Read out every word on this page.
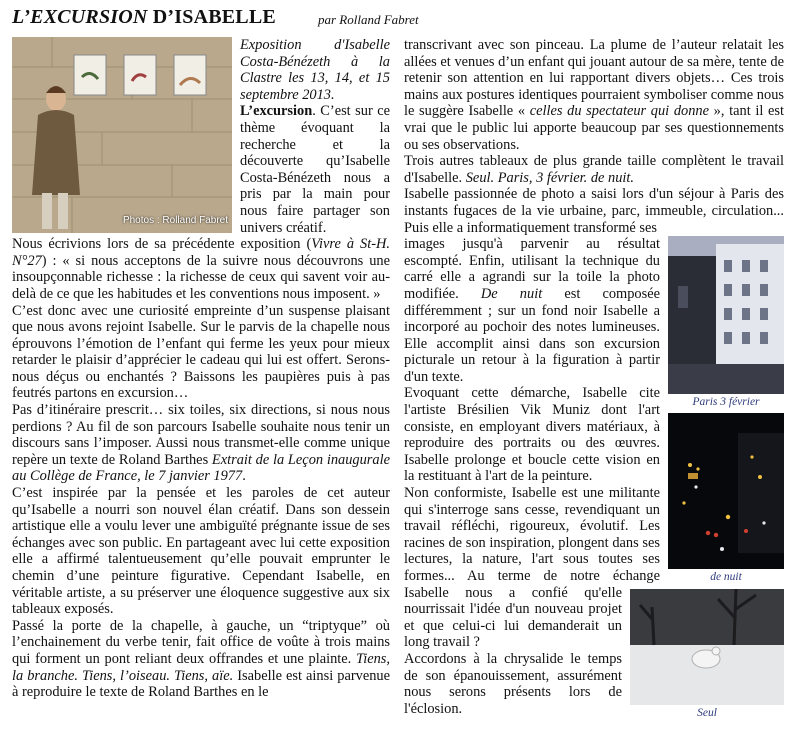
L’EXCURSION D’ISABELLE	par Rolland Fabret
Photos : Rolland Fabret

Exposition d'Isabelle Costa-Bénézeth à la Clastre les 13, 14, et 15 septembre 2013.

L’excursion. C’est sur ce thème évoquant la recherche et la découverte qu’Isabelle Costa-Bénézeth nous a pris par la main pour nous faire partager son univers créatif.

Nous écrivions lors de sa précédente exposition (Vivre à St-H. N°27) : « si nous acceptons de la suivre nous découvrons une insoupçonnable richesse : la richesse de ceux qui savent voir au-delà de ce que les habitudes et les conventions nous imposent. »

C’est donc avec une curiosité empreinte d’un suspense plaisant que nous avons rejoint Isabelle. Sur le parvis de la chapelle nous éprouvons l’émotion de l’enfant qui ferme les yeux pour mieux retarder le plaisir d’apprécier le cadeau qui lui est offert. Serons-nous déçus ou enchantés ? Baissons les paupières puis à pas feutrés partons en excursion…

Pas d’itinéraire prescrit… six toiles, six directions, si nous nous perdions ? Au fil de son parcours Isabelle souhaite nous tenir un discours sans l’imposer. Aussi nous transmet-elle comme unique repère un texte de Roland Barthes Extrait de la Leçon inaugurale au Collège de France, le 7 janvier 1977.

C’est inspirée par la pensée et les paroles de cet auteur qu’Isabelle a nourri son nouvel élan créatif. Dans son dessein artistique elle a voulu lever une ambiguïté prégnante issue de ses échanges avec son public. En partageant avec lui cette exposition elle a affirmé talentueusement qu’elle pouvait emprunter le chemin d’une peinture figurative. Cependant Isabelle, en véritable artiste, a su préserver une éloquence suggestive aux six tableaux exposés.

Passé la porte de la chapelle, à gauche, un “triptyque” où l’enchainement du verbe tenir, fait office de voûte à trois mains qui forment un pont reliant deux offrandes et une plainte. Tiens, la branche. Tiens, l’oiseau. Tiens, aïe. Isabelle est ainsi parvenue à reproduire le texte de Roland Barthes en le

transcrivant avec son pinceau. La plume de l’auteur relatait les allées et venues d’un enfant qui jouant autour de sa mère, tente de retenir son attention en lui rapportant divers objets… Ces trois mains aux postures identiques pourraient symboliser comme nous le suggère Isabelle « celles du spectateur qui donne », tant il est vrai que le public lui apporte beaucoup par ses questionnements ou ses observations.

Trois autres tableaux de plus grande taille complètent le travail d'Isabelle. Seul. Paris, 3 février. de nuit.

Isabelle passionnée de photo a saisi lors d'un séjour à Paris des instants fugaces de la vie urbaine, parc, immeuble, circulation... Puis elle a informatiquement transformé ses

Paris 3 février

images jusqu'à parvenir au résultat escompté. Enfin, utilisant la technique du carré elle a agrandi sur la toile la photo modifiée. De nuit est composée différemment ; sur un fond noir Isabelle a incorporé au pochoir des notes lumineuses. Elle accomplit ainsi dans son excursion picturale un retour à la figuration à partir d'un texte.

de nuit

Evoquant cette démarche, Isabelle cite l'artiste Brésilien Vik Muniz dont l'art consiste, en employant divers matériaux, à reproduire des portraits ou des œuvres. Isabelle prolonge et boucle cette vision en la restituant à l'art de la peinture.

Seul

Non conformiste, Isabelle est une militante qui s'interroge sans cesse, revendiquant un travail réfléchi, rigoureux, évolutif. Les racines de son inspiration, plongent dans ses lectures, la nature, l'art sous toutes ses formes... Au terme de notre échange Isabelle nous a confié qu'elle nourrissait l'idée d'un nouveau projet et que celui-ci lui demanderait un long travail ?

Accordons à la chrysalide le temps de son épanouissement, assurément nous serons présents lors de l'éclosion.
